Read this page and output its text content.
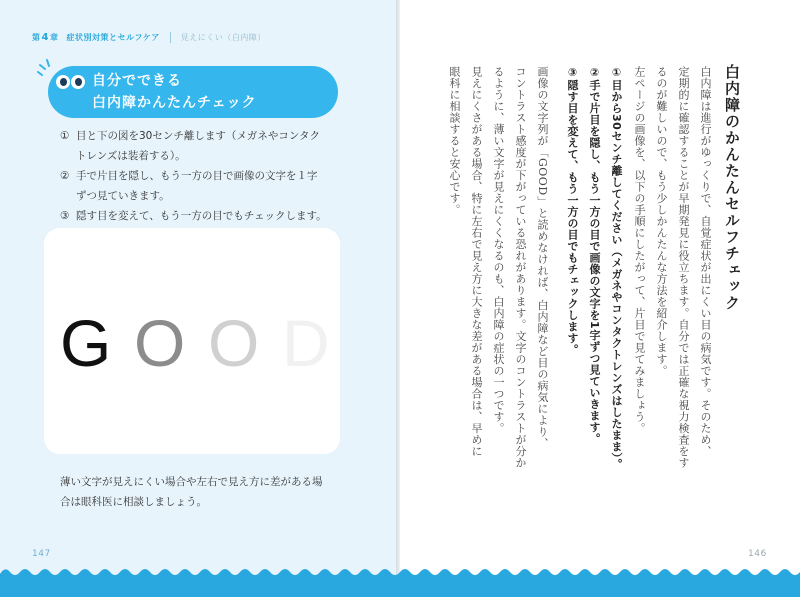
第4章 症状別対策とセルフケア	見えにくい（白内障）
自分でできる
白内障かんたんチェック
① 目と下の図を30センチ離します（メガネやコンタク
トレンズは装着する）。
② 手で片目を隠し、もう一方の目で画像の文字を１字
ずつ見ていきます。
③ 隠す目を変えて、もう一方の目でもチェックします。
G O O D
薄い文字が見えにくい場合や左右で見え方に差がある場
合は眼科医に相談しましょう。
147
白内障のかんたんセルフチェック
白内障は進行がゆっくりで、自覚症状が出にくい目の病気です。そのため、
定期的に確認することが早期発見に役立ちます。自分では正確な視力検査をす
るのが難しいので、もう少しかんたんな方法を紹介します。
左ページの画像を、以下の手順にしたがって、片目で見てみましょう。
①目から30センチ離してください（メガネやコンタクトレンズはしたまま）。
②手で片目を隠し、もう一方の目で画像の文字を1字ずつ見ていきます。
③隠す目を変えて、もう一方の目でもチェックします。
画像の文字列が「GOOD」と読めなければ、白内障など目の病気により、
コントラスト感度が下がっている恐れがあります。文字のコントラストが分か
るように、薄い文字が見えにくくなるのも、白内障の症状の一つです。
見えにくさがある場合、特に左右で見え方に大きな差がある場合は、早めに
眼科に相談すると安心です。
146
